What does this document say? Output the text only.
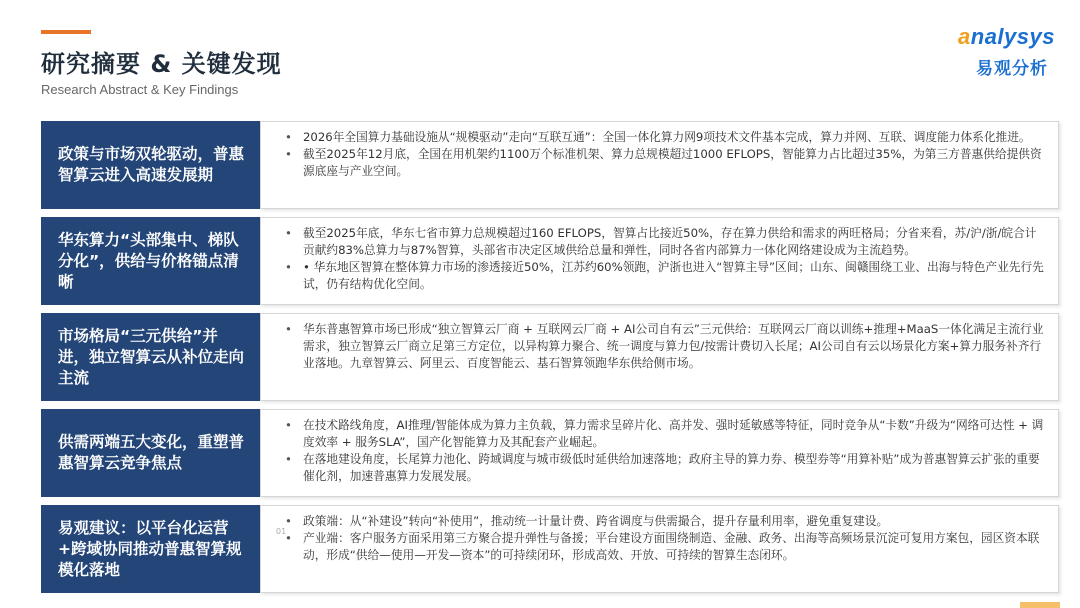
研究摘要 & 关键发现
Research Abstract & Key Findings
analysys
易观分析
政策与市场双轮驱动，普惠智算云进入高速发展期
• 2026年全国算力基础设施从“规模驱动”走向“互联互通”：全国一体化算力网9项技术文件基本完成，算力并网、互联、调度能力体系化推进。
• 截至2025年12月底，全国在用机架约1100万个标准机架、算力总规模超过1000 EFLOPS，智能算力占比超过35%，为第三方普惠供给提供资源底座与产业空间。
华东算力“头部集中、梯队分化”，供给与价格锚点清晰
• 截至2025年底，华东七省市算力总规模超过160 EFLOPS，智算占比接近50%，存在算力供给和需求的两旺格局；分省来看，苏/沪/浙/皖合计贡献约83%总算力与87%智算，头部省市决定区域供给总量和弹性，同时各省内部算力一体化网络建设成为主流趋势。
• • 华东地区智算在整体算力市场的渗透接近50%，江苏约60%领跑，沪浙也进入“智算主导”区间；山东、闽赣围绕工业、出海与特色产业先行先试，仍有结构优化空间。
市场格局“三元供给”并进，独立智算云从补位走向主流
• 华东普惠智算市场已形成“独立智算云厂商 + 互联网云厂商 + AI公司自有云”三元供给：互联网云厂商以训练+推理+MaaS一体化满足主流行业需求，独立智算云厂商立足第三方定位，以异构算力聚合、统一调度与算力包/按需计费切入长尾；AI公司自有云以场景化方案+算力服务补齐行业落地。九章智算云、阿里云、百度智能云、基石智算领跑华东供给侧市场。
供需两端五大变化，重塑普惠智算云竞争焦点
• 在技术路线角度，AI推理/智能体成为算力主负载，算力需求呈碎片化、高并发、强时延敏感等特征，同时竞争从“卡数”升级为“网络可达性 + 调度效率 + 服务SLA”，国产化智能算力及其配套产业崛起。
• 在落地建设角度，长尾算力池化、跨域调度与城市级低时延供给加速落地；政府主导的算力券、模型券等“用算补贴”成为普惠智算云扩张的重要催化剂，加速普惠算力发展发展。
易观建议：以平台化运营+跨域协同推动普惠智算规模化落地
• 政策端：从“补建设”转向“补使用”，推动统一计量计费、跨省调度与供需撮合，提升存量利用率，避免重复建设。
• 产业端：客户服务方面采用第三方聚合提升弹性与备援；平台建设方面围绕制造、金融、政务、出海等高频场景沉淀可复用方案包，园区资本联动，形成“供给—使用—开发—资本”的可持续闭环，形成高效、开放、可持续的智算生态闭环。
01
